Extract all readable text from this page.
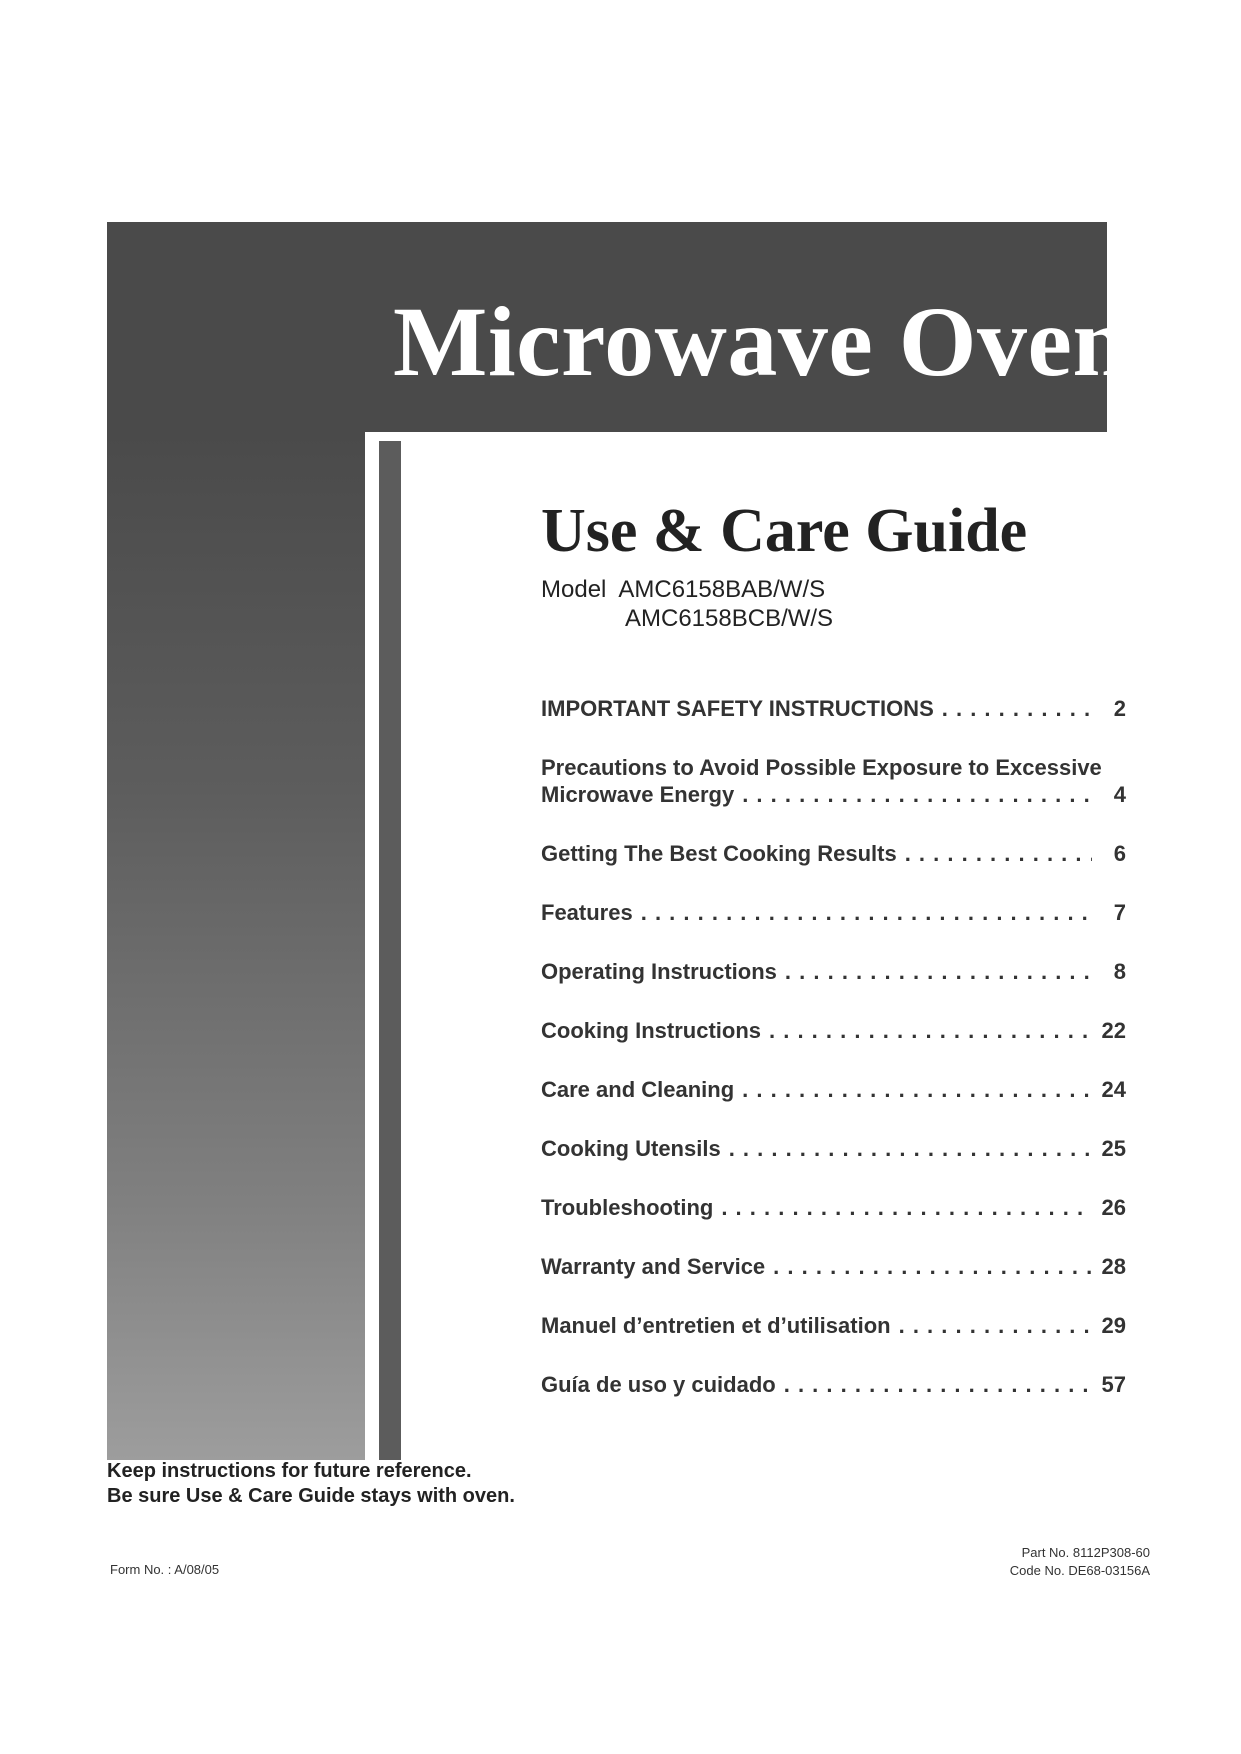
Microwave Oven
Use & Care Guide
Model  AMC6158BAB/W/S
AMC6158BCB/W/S
IMPORTANT SAFETY INSTRUCTIONS . . .	2
Precautions to Avoid Possible Exposure to Excessive
Microwave Energy . . .	4
Getting The Best Cooking Results . . .	6
Features . . .	7
Operating Instructions . . .	8
Cooking Instructions . . .	22
Care and Cleaning . . .	24
Cooking Utensils . . .	25
Troubleshooting . . .	26
Warranty and Service . . .	28
Manuel d’entretien et d’utilisation . . .	29
Guía de uso y cuidado . . .	57
Keep instructions for future reference.
Be sure Use & Care Guide stays with oven.
Form No. : A/08/05
Part No. 8112P308-60
Code No. DE68-03156A
